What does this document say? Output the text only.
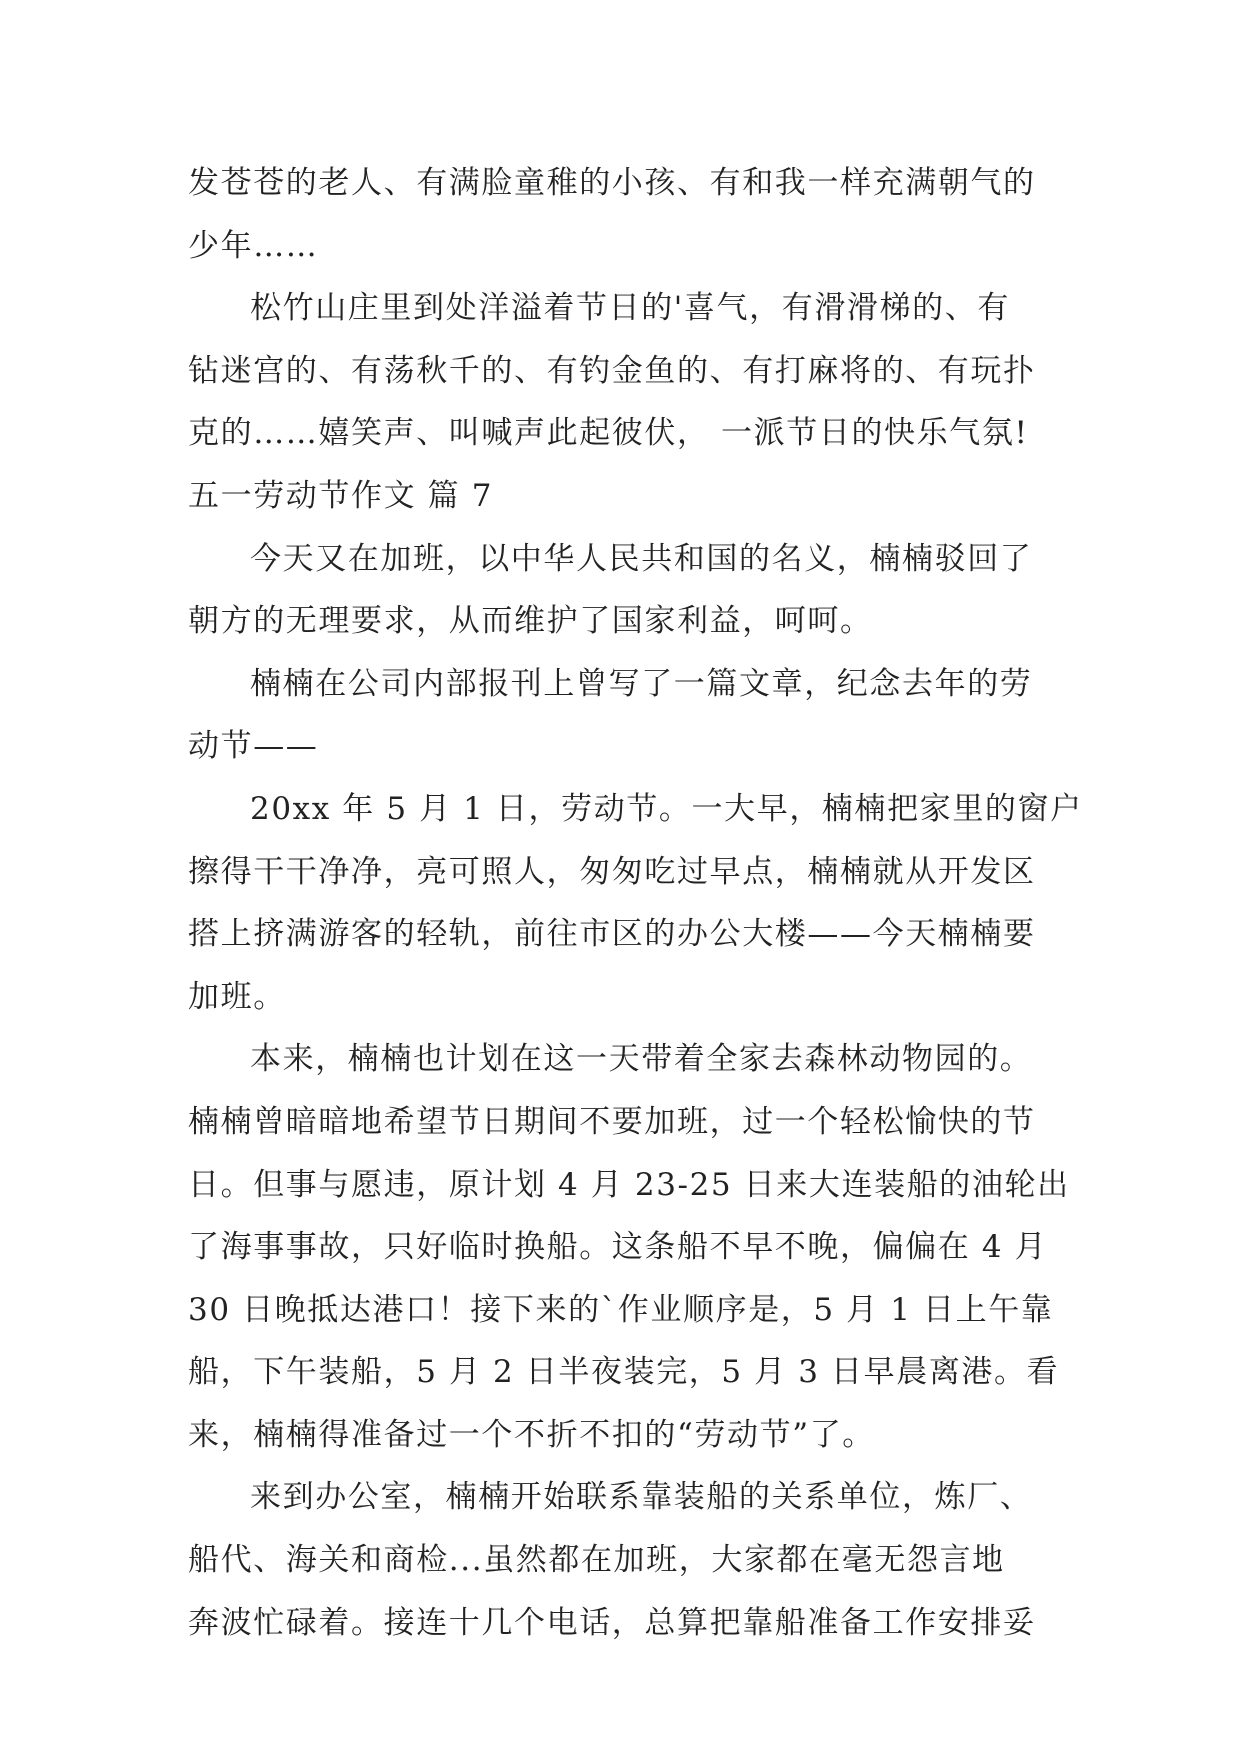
发苍苍的老人、有满脸童稚的小孩、有和我一样充满朝气的
少年……
松竹山庄里到处洋溢着节日的'喜气，有滑滑梯的、有
钻迷宫的、有荡秋千的、有钓金鱼的、有打麻将的、有玩扑
克的……嬉笑声、叫喊声此起彼伏， 一派节日的快乐气氛!
五一劳动节作文 篇 7
今天又在加班，以中华人民共和国的名义，楠楠驳回了
朝方的无理要求，从而维护了国家利益，呵呵。
楠楠在公司内部报刊上曾写了一篇文章，纪念去年的劳
动节——
20xx 年 5 月 1 日，劳动节。一大早，楠楠把家里的窗户
擦得干干净净，亮可照人，匆匆吃过早点，楠楠就从开发区
搭上挤满游客的轻轨，前往市区的办公大楼——今天楠楠要
加班。
本来，楠楠也计划在这一天带着全家去森林动物园的。
楠楠曾暗暗地希望节日期间不要加班，过一个轻松愉快的节
日。但事与愿违，原计划 4 月 23-25 日来大连装船的油轮出
了海事事故，只好临时换船。这条船不早不晚，偏偏在 4 月
30 日晚抵达港口！接下来的`作业顺序是，5 月 1 日上午靠
船，下午装船，5 月 2 日半夜装完，5 月 3 日早晨离港。看
来，楠楠得准备过一个不折不扣的“劳动节”了。
来到办公室，楠楠开始联系靠装船的关系单位，炼厂、
船代、海关和商检...虽然都在加班，大家都在毫无怨言地
奔波忙碌着。接连十几个电话，总算把靠船准备工作安排妥
